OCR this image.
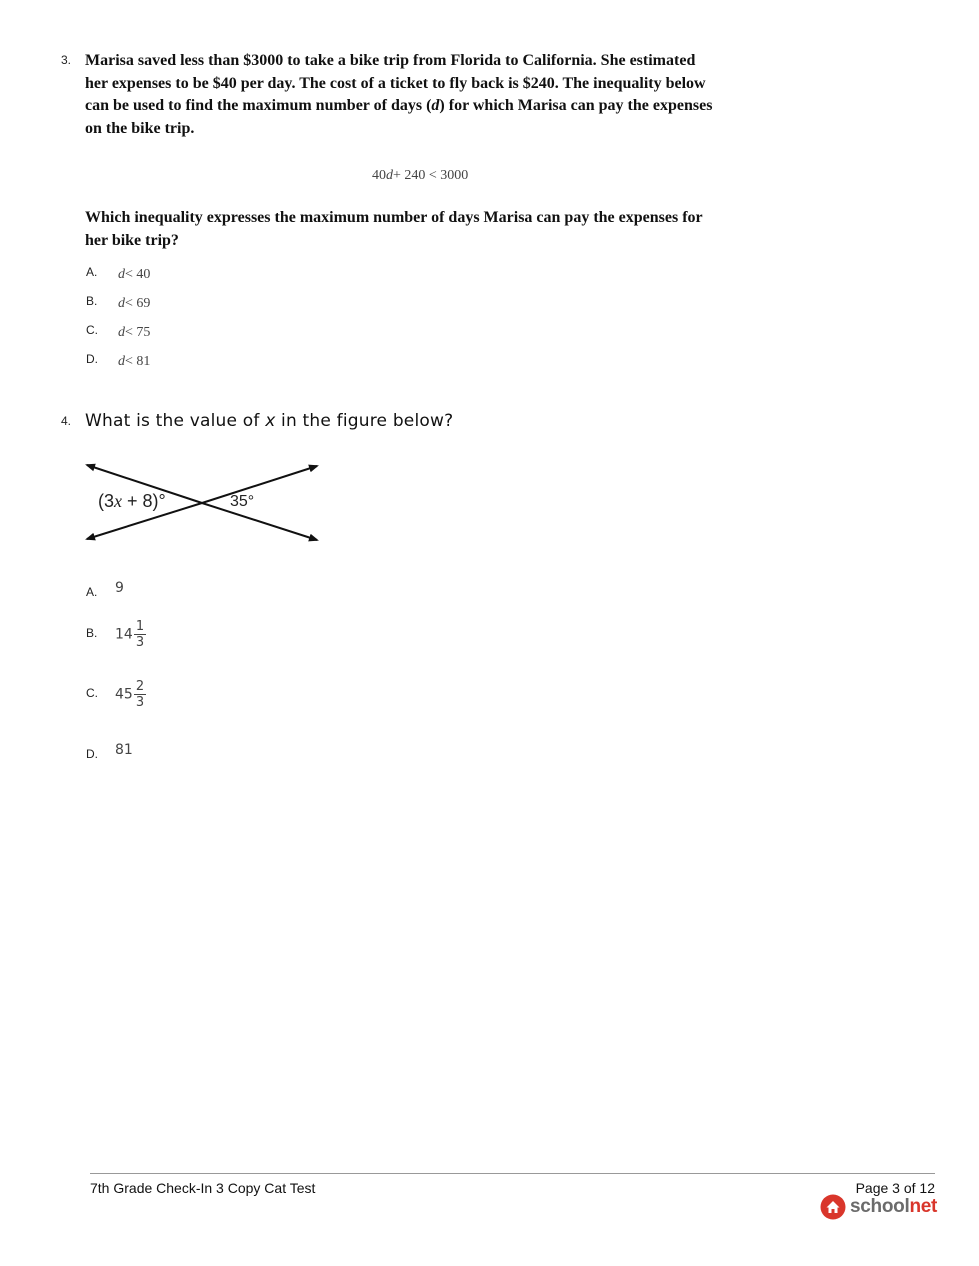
3. Marisa saved less than $3000 to take a bike trip from Florida to California. She estimated
her expenses to be $40 per day. The cost of a ticket to fly back is $240. The inequality below
can be used to find the maximum number of days (d) for which Marisa can pay the expenses
on the bike trip.
40d+ 240 < 3000
Which inequality expresses the maximum number of days Marisa can pay the expenses for
her bike trip?
A. d< 40
B. d< 69
C. d< 75
D. d< 81
4. What is the value of x in the figure below?
(3x + 8)°	35°
A. 9
B. $14 \frac{1}{3}$
C. $45 \frac{2}{3}$
D. 81
7th Grade Check-In 3 Copy Cat Test	Page 3 of 12
school net
